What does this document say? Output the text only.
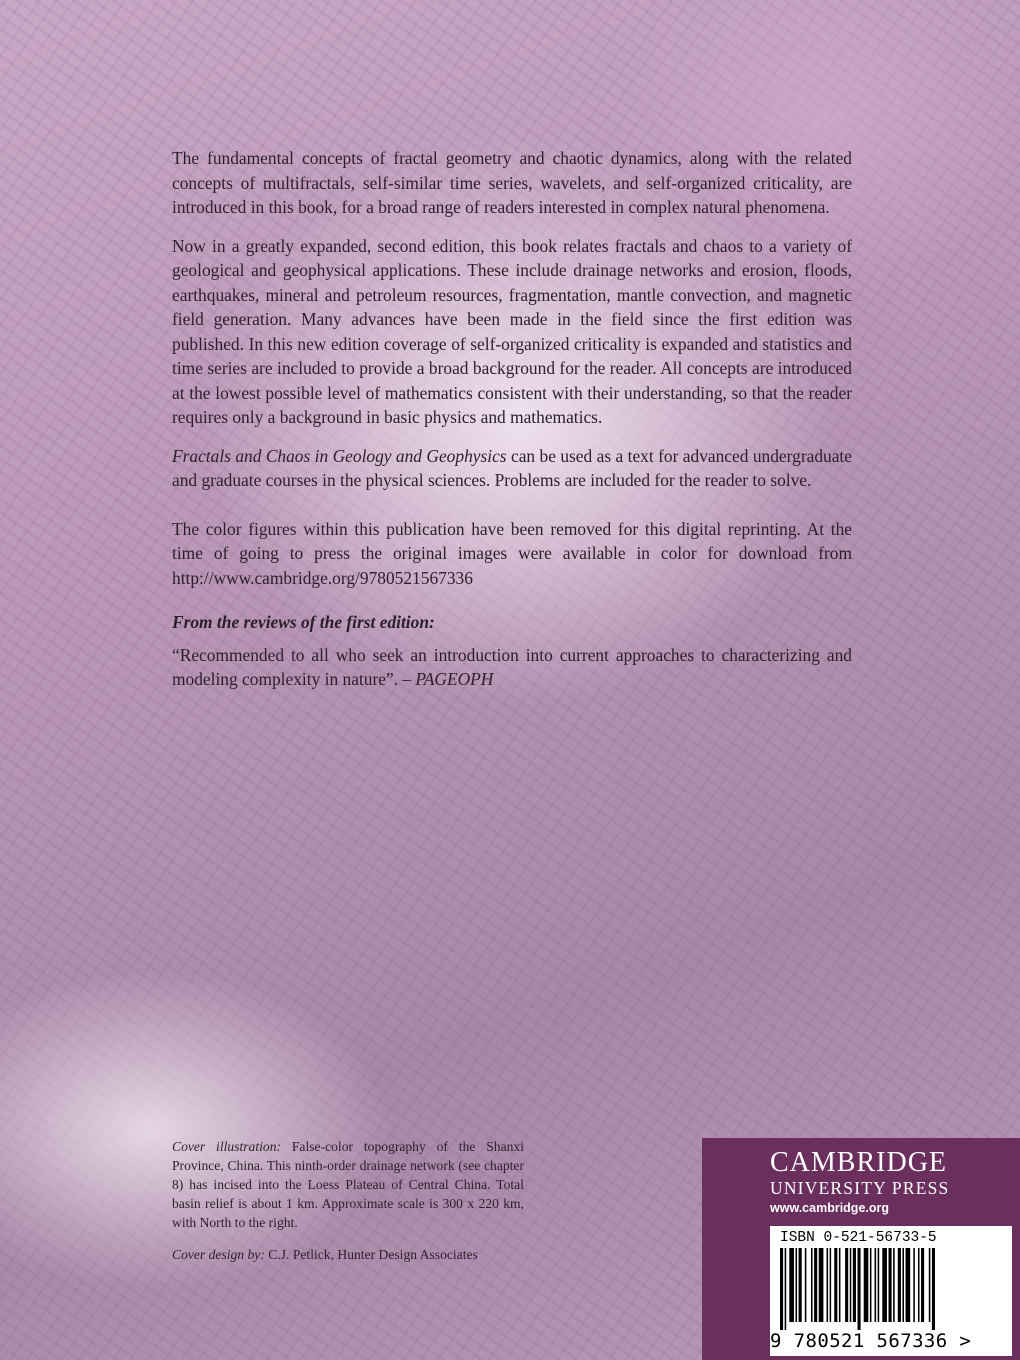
The fundamental concepts of fractal geometry and chaotic dynamics, along with the related concepts of multifractals, self-similar time series, wavelets, and self-organized criticality, are introduced in this book, for a broad range of readers interested in complex natural phenomena.

Now in a greatly expanded, second edition, this book relates fractals and chaos to a variety of geological and geophysical applications. These include drainage networks and erosion, floods, earthquakes, mineral and petroleum resources, fragmentation, mantle convection, and magnetic field generation. Many advances have been made in the field since the first edition was published. In this new edition coverage of self-organized criticality is expanded and statistics and time series are included to provide a broad background for the reader. All concepts are introduced at the lowest possible level of mathematics consistent with their understanding, so that the reader requires only a background in basic physics and mathematics.

Fractals and Chaos in Geology and Geophysics can be used as a text for advanced undergraduate and graduate courses in the physical sciences. Problems are included for the reader to solve.

The color figures within this publication have been removed for this digital reprinting. At the time of going to press the original images were available in color for download from http://www.cambridge.org/9780521567336

From the reviews of the first edition:

“Recommended to all who seek an introduction into current approaches to characterizing and modeling complexity in nature”. – PAGEOPH

Cover illustration: False-color topography of the Shanxi Province, China. This ninth-order drainage network (see chapter 8) has incised into the Loess Plateau of Central China. Total basin relief is about 1 km. Approximate scale is 300 x 220 km, with North to the right.

Cover design by: C.J. Petlick, Hunter Design Associates

CAMBRIDGE
UNIVERSITY PRESS
www.cambridge.org
ISBN 0-521-56733-5
9 780521 567336 >
